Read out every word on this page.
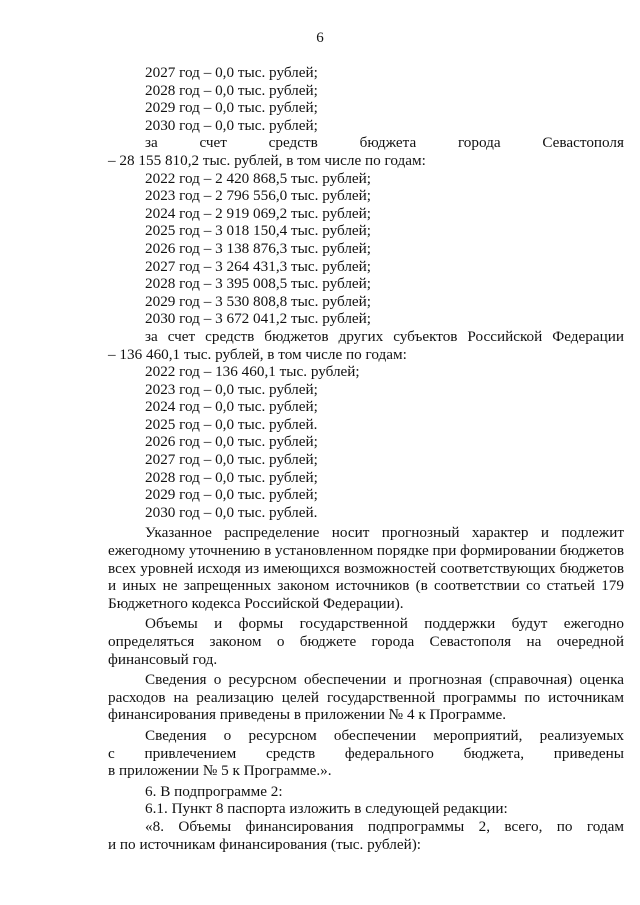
6
2027 год – 0,0 тыс. рублей;
2028 год – 0,0 тыс. рублей;
2029 год – 0,0 тыс. рублей;
2030 год – 0,0 тыс. рублей;
за счет средств бюджета города Севастополя
– 28 155 810,2 тыс. рублей, в том числе по годам:
2022 год – 2 420 868,5 тыс. рублей;
2023 год – 2 796 556,0 тыс. рублей;
2024 год – 2 919 069,2 тыс. рублей;
2025 год – 3 018 150,4 тыс. рублей;
2026 год – 3 138 876,3 тыс. рублей;
2027 год – 3 264 431,3 тыс. рублей;
2028 год – 3 395 008,5 тыс. рублей;
2029 год – 3 530 808,8 тыс. рублей;
2030 год – 3 672 041,2 тыс. рублей;
за счет средств бюджетов других субъектов Российской Федерации
– 136 460,1 тыс. рублей, в том числе по годам:
2022 год – 136 460,1 тыс. рублей;
2023 год – 0,0 тыс. рублей;
2024 год – 0,0 тыс. рублей;
2025 год – 0,0 тыс. рублей.
2026 год – 0,0 тыс. рублей;
2027 год – 0,0 тыс. рублей;
2028 год – 0,0 тыс. рублей;
2029 год – 0,0 тыс. рублей;
2030 год – 0,0 тыс. рублей.

Указанное распределение носит прогнозный характер и подлежит ежегодному уточнению в установленном порядке при формировании бюджетов всех уровней исходя из имеющихся возможностей соответствующих бюджетов и иных не запрещенных законом источников (в соответствии со статьей 179 Бюджетного кодекса Российской Федерации).

Объемы и формы государственной поддержки будут ежегодно определяться законом о бюджете города Севастополя на очередной финансовый год.

Сведения о ресурсном обеспечении и прогнозная (справочная) оценка расходов на реализацию целей государственной программы по источникам финансирования приведены в приложении № 4 к Программе.

Сведения о ресурсном обеспечении мероприятий, реализуемых
с привлечением средств федерального бюджета, приведены
в приложении № 5 к Программе.».
6. В подпрограмме 2:
6.1. Пункт 8 паспорта изложить в следующей редакции:
«8. Объемы финансирования подпрограммы 2, всего, по годам
и по источникам финансирования (тыс. рублей):
